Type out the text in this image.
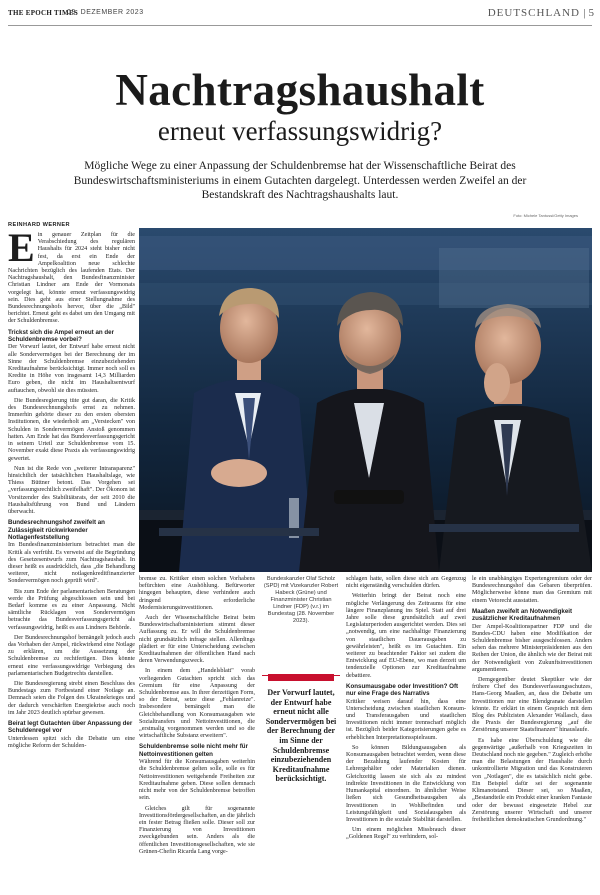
THE EPOCH TIMES
09. DEZEMBER 2023	DEUTSCHLAND | 5
Nachtragshaushalt
erneut verfassungswidrig?
Mögliche Wege zu einer Anpassung der Schuldenbremse hat der Wissenschaftliche Beirat des Bundeswirtschaftsministeriums in einem Gutachten dargelegt. Unterdessen werden Zweifel an der Bestandskraft des Nachtragshaushalts laut.
Foto: Michele Tantussi/Getty Images
REINHARD WERNER

Ein genauer Zeitplan für die Verabschiedung des regulären Haushalts für 2024 steht bisher nicht fest, da erst ein Ende der Ampelkoalition neue schlechte Nachrichten bezüglich des laufenden Etats. Der Nachtragshaushalt, den Bundesfinanzminister Christian Lindner am Ende der Vormonats vorgelegt hat, könnte erneut verfassungswidrig sein. Dies geht aus einer Stellungnahme des Bundesrechnungshofs hervor, über die „Bild" berichtet. Erneut geht es dabei um den Umgang mit der Schuldenbremse.

Trickst sich die Ampel erneut an der Schuldenbremse vorbei?

Der Vorwurf lautet, der Entwurf habe erneut nicht alle Sondervermögen bei der Berechnung der im Sinne der Schuldenbremse einzubeziehenden Kreditaufnahme berücksichtigt. Immer noch soll es Kredite in Höhe von insgesamt 14,3 Milliarden Euro geben, die nicht im Haushaltsentwurf auftauchen, obwohl sie dies müssten.

Die Bundesregierung tüte gut daran, die Kritik des Bundesrechnungshofs ernst zu nehmen. Immerhin gehörte dieser zu den ersten obersten Institutionen, die wiederholt am „Verstecken" von Schulden in Sondervermögen Anstoß genommen hatten. Am Ende hat das Bundesverfassungsgericht in seinem Urteil zur Schuldenbremse vom 15. November exakt diese Praxis als verfassungswidrig gewertet.

Nun ist die Rede von „weiterer Intransparenz" hinsichtlich der tatsächlichen Haushaltslage, wie Thiess Büttner betont. Das Vorgehen sei „verfassungsrechtlich zweifelhaft". Der Ökonom ist Vorsitzender des Stabilitätsrats, der seit 2010 die Haushaltsführung von Bund und Ländern überwacht.

Bundesrechnungshof zweifelt an Zulässigkeit rückwirkender Notlagenfeststellung

Im Bundesfinanzministerium betrachtet man die Kritik als verfrüht. Es verweist auf die Begründung des Gesetzesentwurfs zum Nachtragshaushalt. In dieser heißt es ausdrücklich, dass „die Behandlung weiterer, nicht notlagenkreditfinanzierter Sondervermögen noch geprüft wird".

Bis zum Ende der parlamentarischen Beratungen werde die Prüfung abgeschlossen sein und bei Bedarf komme es zu einer Anpassung. Nicht sämtliche Rücklagen von Sondervermögen betrachte das Bundesverfassungsgericht als verfassungswidrig, heißt es aus Lindners Behörde.

Der Bundesrechnungshof bemängelt jedoch auch das Vorhaben der Ampel, rückwirkend eine Notlage zu erklären, um die Aussetzung der Schuldenbremse zu rechtfertigen. Dies könnte erneut eine verfassungswidrige Verbiegung des parlamentarischen Budgetrechts darstellen.

Die Bundesregierung strebt einen Beschluss des Bundestags zum Fortbestand einer Notlage an. Demnach seien die Folgen des Ukrainekrieges und der dadurch verschärften Energiekrise auch noch im Jahr 2023 deutlich spürbar gewesen.

Beirat legt Gutachten über Anpassung der Schuldenregel vor

Unterdessen spitzt sich die Debatte um eine mögliche Reform der Schulden-

bremse zu. Kritiker einen solchen Vorhabens befürchten eine Aushöhlung. Befürworter hingegen behaupten, diese verhindere auch dringend erforderliche Modernisierungsinvestitionen.

Auch der Wissenschaftliche Beirat beim Bundeswirtschaftsministerium stimmt dieser Auffassung zu. Er will die Schuldenbremse nicht grundsätzlich infrage stellen. Allerdings plädiert er für eine Unterscheidung zwischen Kreditaufnahmen der öffentlichen Hand nach deren Verwendungszweck.

In einem dem „Handelsblatt" vorab vorliegenden Gutachten spricht sich das Gremium für eine Anpassung der Schuldenbremse aus. In ihrer derzeitigen Form, so der Beirat, setze diese „Fehlanreize". Insbesondere bemängelt man die Gleichbehandlung von Konsumausgaben wie Sozialtransfers und Nettoinvestitionen, die „erstmalig vorgenommen werden und so die wirtschaftliche Substanz erweitern".

Schuldenbremse solle nicht mehr für Nettoinvestitionen gelten

Während für die Konsumausgaben weiterhin die Schuldenbremse gelten solle, solle es für Nettoinvestitionen weitgehende Freiheiten zur Kreditaufnahme geben. Diese sollen demnach nicht mehr von der Schuldenbremse betroffen sein.

Gleiches gilt für sogenannte Investitionsfördergesellschaften, an die jährlich ein fester Betrag fließen solle. Dieser soll zur Finanzierung von Investitionen zweckgebunden sein. Anders als die öffentlichen Investitionsgesellschaften, wie sie Grünen-Chefin Ricarda Lang vorge-

Bundeskanzler Olaf Scholz (SPD) mit Vizekanzler Robert Habeck (Grüne) und Finanzminister Christian Lindner (FDP) (v.r.) im Bundestag (28. November 2023).
Der Vorwurf lautet, der Entwurf habe erneut nicht alle Sondervermögen bei der Berechnung der im Sinne der Schuldenbremse einzubeziehenden Kreditaufnahme berücksichtigt.

schlagen hatte, sollen diese sich am Gegenzug nicht eigenständig verschulden dürfen.

Weiterhin bringt der Beirat noch eine mögliche Verlängerung des Zeitraums für eine längere Finanzplanung ins Spiel. Statt auf drei Jahre solle diese grundsätzlich auf zwei Legislaturperioden ausgerichtet werden. Dies sei „notwendig, um eine nachhaltige Finanzierung von staatlichen Dauerausgaben zu gewährleisten", heißt es im Gutachten. Ein weiterer zu beachtender Faktor sei zudem die Entwicklung auf EU-Ebene, wo man derzeit um tendenzielle Optionen zur Kreditaufnahme debattiere.

Konsumausgabe oder Investition? Oft nur eine Frage des Narrativs

Kritiker weisen darauf hin, dass eine Unterscheidung zwischen staatlichen Konsum- und Transferausgaben und staatlichen Investitionen nicht immer trennscharf möglich ist. Bezüglich beider Kategorisierungen gebe es erheblichen Interpretationsspielraum.

So können Bildungsausgaben als Konsumausgaben betrachtet werden, wenn diese der Bezahlung laufender Kosten für Lehrergehälter oder Materialien dienen. Gleichzeitig lassen sie sich als zu mindest indirekte Investitionen in die Entwicklung von Humankapital einordnen. In ähnlicher Weise ließen sich Gesundheitsausgaben als Investitionen in Wohlbefinden und Leistungsfähigkeit und Sozialausgaben als Investitionen in die soziale Stabilität darstellen.

Um einem möglichen Missbrauch dieser „Goldenen Regel" zu verhindern, sol-

le ein unabhängiges Expertengremium oder der Bundesrechnungshof das Gebaren überprüfen. Möglicherweise könne man das Gremium mit einem Vetorecht ausstatten.

Maaßen zweifelt an Notwendigkeit zusätzlicher Kreditaufnahmen

Der Ampel-Koalitionspartner FDP und die Bundes-CDU haben eine Modifikation der Schuldenbremse bisher ausgeschlossen. Anders sehen das mehrere Ministerpräsidenten aus den Reihen der Union, die ähnlich wie der Beirat mit der Notwendigkeit von Zukunftsinvestitionen argumentieren.

Demgegenüber deutet Skeptiker wie der frühere Chef des Bundesverfassungsschutzes, Hans-Georg Maaßen, an, dass die Debatte um Investitionen nur eine Blendgranate darstellen könnte. Er erklärt in einem Gespräch mit dem Blog des Publizisten Alexander Wallasch, dass die Praxis der Bundesregierung „auf die Zerstörung unserer Staatsfinanzen" hinauslaufe.

Es habe eine Überschuldung wie die gegenwärtige „außerhalb von Kriegszeiten in Deutschland noch nie gegeben." Zugleich erhöhe man die Belastungen der Haushalte durch unkontrollierte Migration und das Konstruieren von „Notlagen", die es tatsächlich nicht gebe. Ein Beispiel dafür sei der sogenannte Klimanotstand. Dieser sei, so Maaßen, „Bestandteile ein Produkt einer kranken Fantasie oder der bewusst eingesetzte Hebel zur Zerstörung unserer Wirtschaft und unserer freiheitlichen demokratischen Grundordnung."
